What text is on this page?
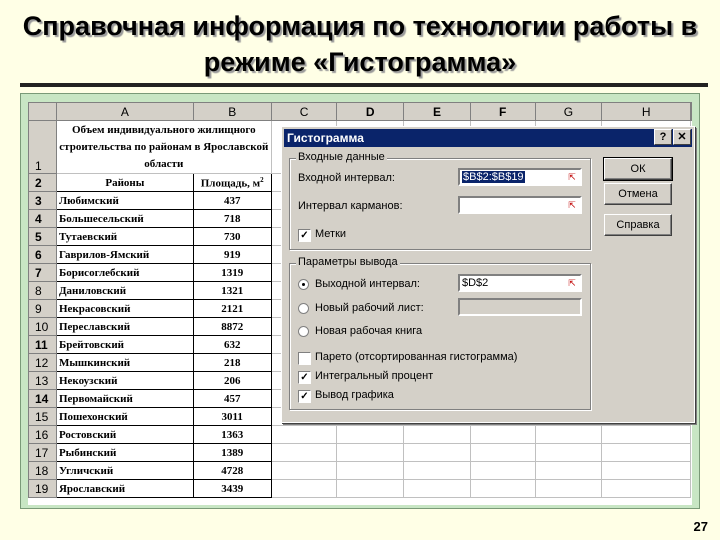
Справочная информация по технологии работы в режиме «Гистограмма»
	A	B	C	D	E	F	G	H	
1	Объем индивидуального жилищного строительства по районам в Ярославской области								
2	Районы	Площадь, $м^2$						
3	Любимский	437							
4	Большесельский	718							
5	Тутаевский	730							
6	Гаврилов-Ямский	919							
7	Борисоглебский	1319							
8	Даниловский	1321							
9	Некрасовский	2121							
10	Переславский	8872							
11	Брейтовский	632							
12	Мышкинский	218							
13	Некоузский	206							
14	Первомайский	457							
15	Пошехонский	3011							
16	Ростовский	1363							
17	Рыбинский	1389							
18	Угличский	4728							
19	Ярославский	3439							
Гистограмма	?	✕
Входные данные
Входной интервал:	$B$2:$B$19	⇱
Интервал карманов:	⇱
✓ Метки
Параметры вывода
Выходной интервал:	$D$2	⇱
Новый рабочий лист:
Новая рабочая книга
Парето (отсортированная гистограмма)
✓ Интегральный процент
✓ Вывод графика
ОК
Отмена
Справка
27
